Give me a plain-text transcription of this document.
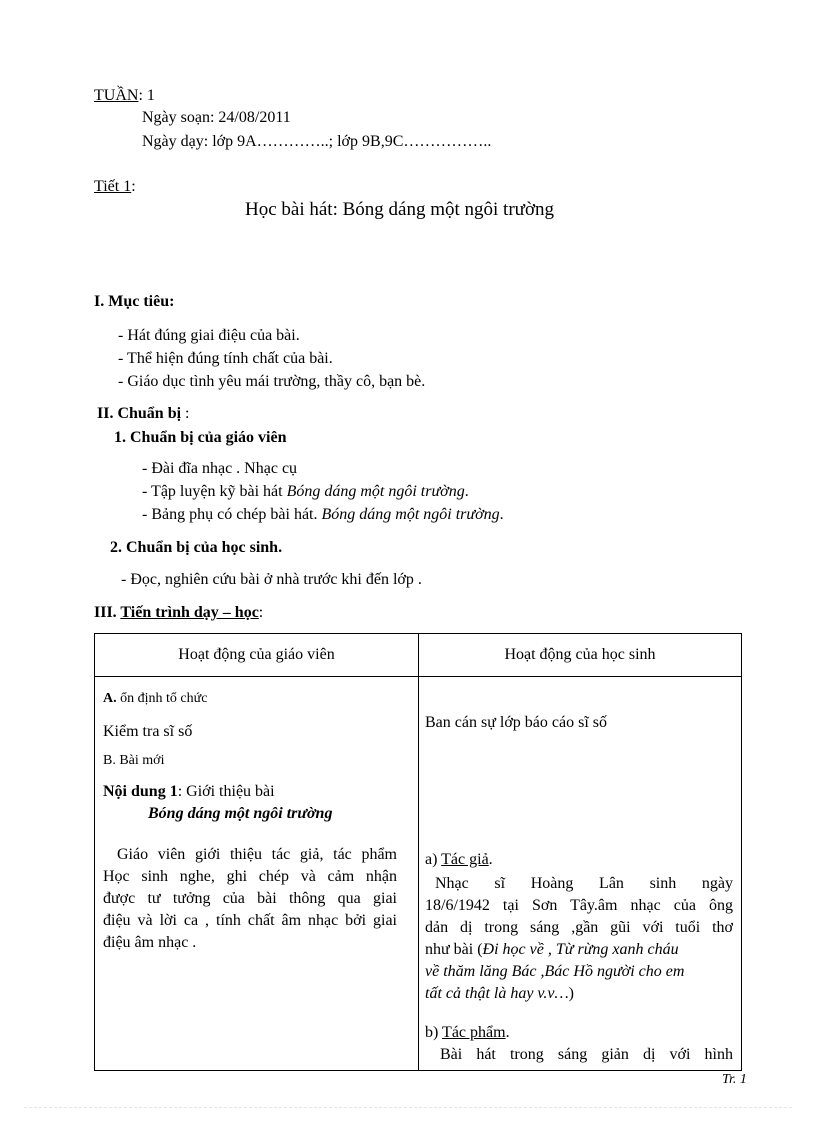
TUẦN: 1
Ngày soạn: 24/08/2011
Ngày dạy: lớp 9A…………..; lớp 9B,9C……………..
Tiết 1:
Học bài hát: Bóng dáng một ngôi trường
I. Mục tiêu:
- Hát đúng giai điệu của bài.
- Thể hiện đúng tính chất của bài.
- Giáo dục tình yêu mái trường, thầy cô, bạn bè.
II. Chuẩn bị :
1. Chuẩn bị của giáo viên
- Đài đĩa nhạc . Nhạc cụ
- Tập luyện kỹ bài hát Bóng dáng một ngôi trường.
- Bảng phụ có chép bài hát. Bóng dáng một ngôi trường.
2. Chuẩn bị của học sinh.
- Đọc, nghiên cứu bài ở nhà trước khi đến lớp .
III. Tiến trình dạy – học:
Hoạt động của giáo viên	Hoạt động của học sinh
A. ổn định tổ chức
Kiểm tra sĩ số
B. Bài mới
Nội dung 1: Giới thiệu bài
Bóng dáng một ngôi trường
Giáo viên giới thiệu tác giả, tác phẩm
Học sinh nghe, ghi chép và cảm nhận
được tư tưởng của bài thông qua giai
điệu và lời ca , tính chất âm nhạc bởi giai
điệu âm nhạc .
Ban cán sự lớp báo cáo sĩ số
a) Tác giả.
Nhạc sĩ Hoàng Lân sinh ngày
18/6/1942 tại Sơn Tây.âm nhạc của ông
dản dị trong sáng ,gần gũi với tuổi thơ
như bài (Đi học về , Từ rừng xanh cháu
về thăm lăng Bác ,Bác Hồ người cho em
tất cả thật là hay v.v…)
b) Tác phẩm.
Bài hát trong sáng giản dị với hình
Tr. 1
